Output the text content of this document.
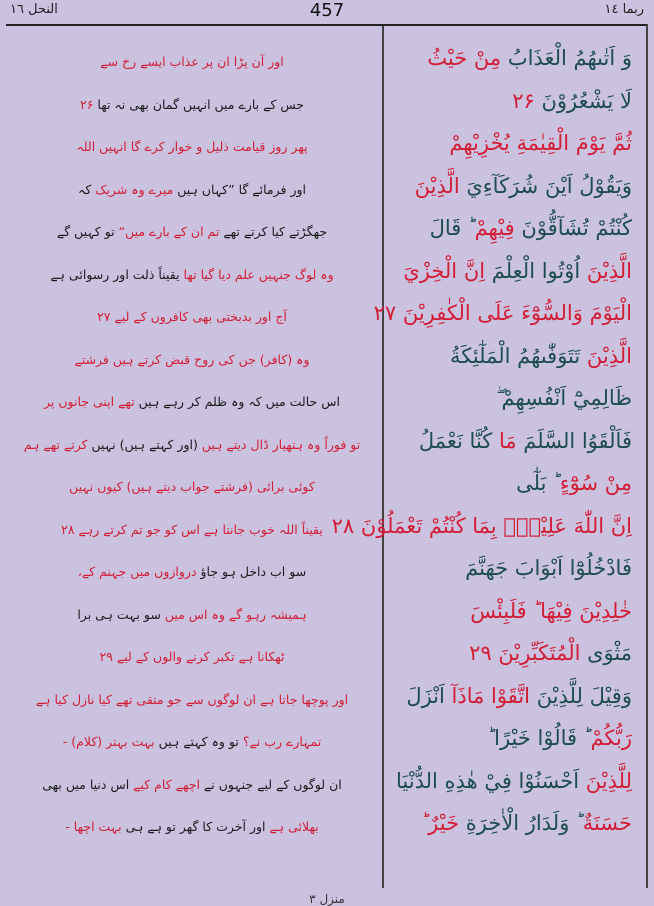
ربما ١٤
457
النحل ١٦
وَ اَتٰىهُمُ الْعَذَابُ مِنْ حَيْثُ
لَا يَشْعُرُوْنَ ۲۶
ثُمَّ يَوْمَ الْقِيٰمَةِ يُخْزِيْهِمْ
وَيَقُوْلُ اَيْنَ شُرَكَآءِيَ الَّذِيْنَ
كُنْتُمْ تُشَآقُّوْنَ فِيْهِمْ ؕ قَالَ
الَّذِيْنَ اُوْتُوا الْعِلْمَ اِنَّ الْخِزْيَ
الْيَوْمَ وَالسُّوْٓءَ عَلَى الْكٰفِرِيْنَ ۲۷
الَّذِيْنَ تَتَوَفّٰىهُمُ الْمَلٰٓئِكَةُ
ظَالِمِيْٓ اَنْفُسِهِمْ ۖ
فَاَلْقَوُا السَّلَمَ مَا كُنَّا نَعْمَلُ
مِنْ سُوْٓءٍ ؕ بَلٰٓى
اِنَّ اللّٰهَ عَلِيْمٌۢ بِمَا كُنْتُمْ تَعْمَلُوْنَ ۲۸
فَادْخُلُوْٓا اَبْوَابَ جَهَنَّمَ
خٰلِدِيْنَ فِيْهَا ؕ فَلَبِئْسَ
مَثْوَى الْمُتَكَبِّرِيْنَ ۲۹
وَقِيْلَ لِلَّذِيْنَ اتَّقَوْا مَاذَآ اَنْزَلَ
رَبُّكُمْ ؕ قَالُوْا خَيْرًا ؕ
لِلَّذِيْنَ اَحْسَنُوْا فِيْ هٰذِهِ الدُّنْيَا
حَسَنَةٌ ؕ وَلَدَارُ الْاٰخِرَةِ خَيْرٌ ؕ
اور آن پڑا ان پر عذاب ایسے رخ سے
جس کے بارے میں انہیں گمان بھی نہ تھا ۲۶
پھر روز قیامت ذلیل و خوار کرے گا انہیں اللہ
اور فرمائے گا ”کہاں ہیں میرے وہ شریک کہ
جھگڑتے کیا کرتے تھے تم ان کے بارے میں“ تو کہیں گے
وہ لوگ جنہیں علم دیا گیا تھا یقیناً ذلت اور رسوائی ہے
آج اور بدبختی بھی کافروں کے لیے ۲۷
وہ (کافر) جن کی روح قبض کرتے ہیں فرشتے
اس حالت میں کہ وہ ظلم کر رہے ہیں تھے اپنی جانوں پر
تو فوراً وہ ہتھیار ڈال دیتے ہیں (اور کہتے ہیں) نہیں کرتے تھے ہم
کوئی برائی (فرشتے جواب دیتے ہیں) کیوں نہیں
یقیناً اللہ خوب جانتا ہے اس کو جو تم کرتے رہے ۲۸
سو اب داخل ہو جاؤ دروازوں میں جہنم کے،
ہمیشہ رہو گے وہ اس میں سو بہت ہی برا
ٹھکانا ہے تکبر کرنے والوں کے لیے ۲۹
اور پوچھا جاتا ہے ان لوگوں سے جو متقی تھے کیا نازل کیا ہے
تمہارے رب نے؟ تو وہ کہتے ہیں بہت بہتر (کلام) -
ان لوگوں کے لیے جنہوں نے اچھے کام کیے اس دنیا میں بھی
بھلائی ہے اور آخرت کا گھر تو ہے ہی بہت اچھا -
منزل ۳
